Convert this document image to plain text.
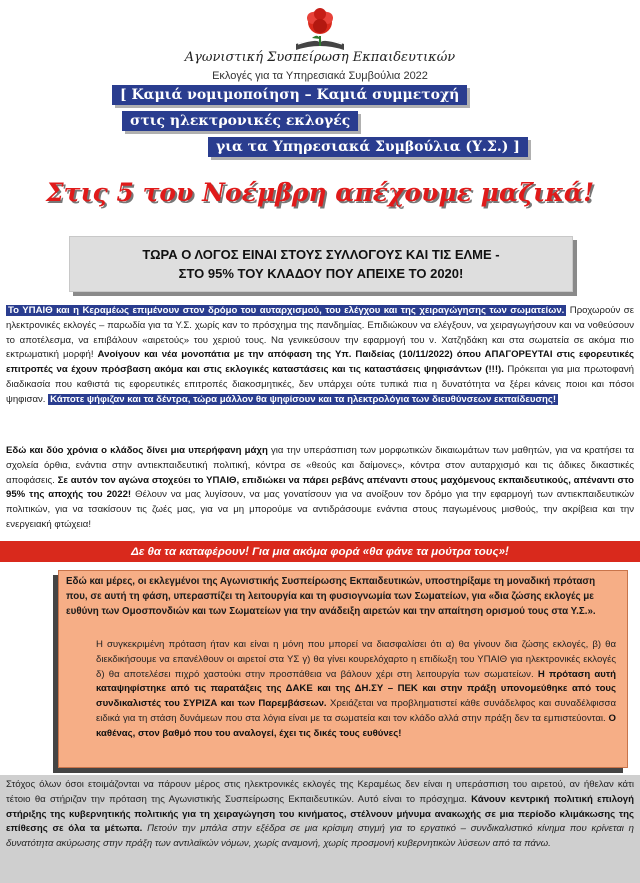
Αγωνιστική Συσπείρωση Εκπαιδευτικών
Εκλογές για τα Υπηρεσιακά Συμβούλια 2022
[ Καμιά νομιμοποίηση – Καμιά συμμετοχή
στις ηλεκτρονικές εκλογές
για τα Υπηρεσιακά Συμβούλια (Υ.Σ.) ]
Στις 5 του Νοέμβρη απέχουμε μαζικά!
ΤΩΡΑ Ο ΛΟΓΟΣ ΕΙΝΑΙ ΣΤΟΥΣ ΣΥΛΛΟΓΟΥΣ ΚΑΙ ΤΙΣ ΕΛΜΕ -
ΣΤΟ 95% ΤΟΥ ΚΛΑΔΟΥ ΠΟΥ ΑΠΕΙΧΕ ΤΟ 2020!
Το ΥΠΑΙΘ και η Κεραμέως επιμένουν στον δρόμο του αυταρχισμού, του ελέγχου και της χειραγώγησης των σωματείων. Προχωρούν σε ηλεκτρονικές εκλογές – παρωδία για τα Υ.Σ. χωρίς καν το πρόσχημα της πανδημίας. Επιδιώκουν να ελέγξουν, να χειραγωγήσουν και να νοθεύσουν το αποτέλεσμα, να επιβάλουν «αιρετούς» του χεριού τους. Να γενικεύσουν την εφαρμογή του ν. Χατζηδάκη και στα σωματεία σε ακόμα πιο εκτρωματική μορφή! Ανοίγουν και νέα μονοπάτια με την απόφαση της Υπ. Παιδείας (10/11/2022) όπου ΑΠΑΓΟΡΕΥΤΑΙ στις εφορευτικές επιτροπές να έχουν πρόσβαση ακόμα και στις εκλογικές καταστάσεις και τις καταστάσεις ψηφισάντων (!!!). Πρόκειται για μια πρωτοφανή διαδικασία που καθιστά τις εφορευτικές επιτροπές διακοσμητικές, δεν υπάρχει ούτε τυπικά πια η δυνατότητα να ξέρει κάνεις ποιοι και πόσοι ψηφισαν. Κάποτε ψήφιζαν και τα δέντρα, τώρα μάλλον θα ψηφίσουν και τα ηλεκτρολόγια των διευθύνσεων εκπαίδευσης!
Εδώ και δύο χρόνια ο κλάδος δίνει μια υπερήφανη μάχη για την υπεράσπιση των μορφωτικών δικαιωμάτων των μαθητών, για να κρατήσει τα σχολεία όρθια, ενάντια στην αντιεκπαιδευτική πολιτική, κόντρα σε «θεούς και δαίμονες», κόντρα στον αυταρχισμό και τις άδικες δικαστικές αποφάσεις. Σε αυτόν τον αγώνα στοχεύει το ΥΠΑΙΘ, επιδιώκει να πάρει ρεβάνς απέναντι στους μαχόμενους εκπαιδευτικούς, απέναντι στο 95% της αποχής του 2022! Θέλουν να μας λυγίσουν, να μας γονατίσουν για να ανοίξουν τον δρόμο για την εφαρμογή των αντιεκπαιδευτικών πολιτικών, για να τσακίσουν τις ζωές μας, για να μη μπορούμε να αντιδράσουμε ενάντια στους παγωμένους μισθούς, την ακρίβεια και την ενεργειακή φτώχεια!
Δε θα τα καταφέρουν! Για μια ακόμα φορά «θα φάνε τα μούτρα τους»!
Εδώ και μέρες, οι εκλεγμένοι της Αγωνιστικής Συσπείρωσης Εκπαιδευτικών, υποστηρίξαμε τη μοναδική πρόταση που, σε αυτή τη φάση, υπερασπίζει τη λειτουργία και τη φυσιογνωμία των Σωματείων, για «δια ζώσης εκλογές με ευθύνη των Ομοσπονδιών και των Σωματείων για την ανάδειξη αιρετών και την απαίτηση ορισμού τους στα Υ.Σ.».
Η συγκεκριμένη πρόταση ήταν και είναι η μόνη που μπορεί να διασφαλίσει ότι α) θα γίνουν δια ζώσης εκλογές, β) θα διεκδικήσουμε να επανέλθουν οι αιρετοί στα ΥΣ γ) θα γίνει κουρελόχαρτο η επιδίωξη του ΥΠΑΙΘ για ηλεκτρονικές εκλογές δ) θα αποτελέσει πιχρό χαστούκι στην προσπάθεια να βάλουν χέρι στη λειτουργία των σωματείων. Η πρόταση αυτή καταψηφίστηκε από τις παρατάξεις της ΔΑΚΕ και της ΔΗ.ΣΥ – ΠΕΚ και στην πράξη υπονομεύθηκε από τους συνδικαλιστές του ΣΥΡΙΖΑ και των Παρεμβάσεων. Χρειάζεται να προβληματιστεί κάθε συνάδελφος και συναδέλφισσα ειδικά για τη στάση δυνάμεων που στα λόγια είναι με τα σωματεία και τον κλάδο αλλά στην πράξη δεν τα εμπιστεύονται. Ο καθένας, στον βαθμό που του αναλογεί, έχει τις δικές τους ευθύνες!
Στόχος όλων όσοι ετοιμάζονται να πάρουν μέρος στις ηλεκτρονικές εκλογές της Κεραμέως δεν είναι η υπεράσπιση του αιρετού, αν ήθελαν κάτι τέτοιο θα στήριζαν την πρόταση της Αγωνιστικής Συσπείρωσης Εκπαιδευτικών. Αυτό είναι το πρόσχημα. Κάνουν κεντρική πολιτική επιλογή στήριξης της κυβερνητικής πολιτικής για τη χειραγώγηση του κινήματος, στέλνουν μήνυμα ανακωχής σε μια περίοδο κλιμάκωσης της επίθεσης σε όλα τα μέτωπα. Πετούν την μπάλα στην εξέδρα σε μια κρίσιμη στιγμή για το εργατικό – συνδικαλιστικό κίνημα που κρίνεται η δυνατότητα ακύρωσης στην πράξη των αντιλαϊκών νόμων, χωρίς αναμονή, χωρίς προσμονή κυβερνητικών λύσεων από τα πάνω.
